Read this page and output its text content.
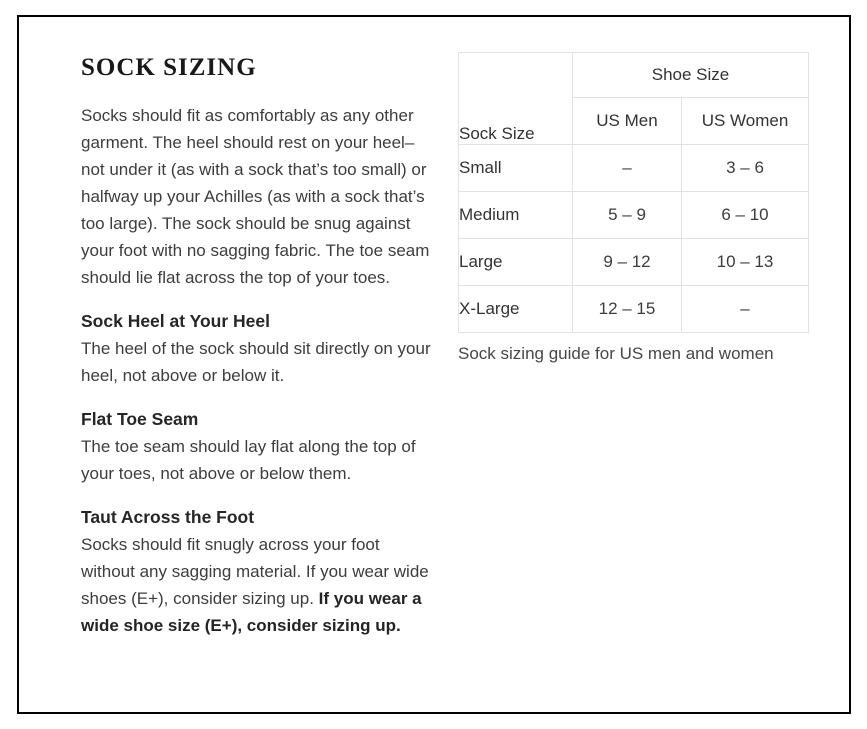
SOCK SIZING

Socks should fit as comfortably as any other garment. The heel should rest on your heel–not under it (as with a sock that’s too small) or halfway up your Achilles (as with a sock that’s too large). The sock should be snug against your foot with no sagging fabric. The toe seam should lie flat across the top of your toes.

Sock Heel at Your Heel

The heel of the sock should sit directly on your heel, not above or below it.

Flat Toe Seam

The toe seam should lay flat along the top of your toes, not above or below them.

Taut Across the Foot

Socks should fit snugly across your foot without any sagging material. If you wear wide shoes (E+), consider sizing up. If you wear a wide shoe size (E+), consider sizing up.

Sock Size	Shoe Size	
	US Men	US Women
Small	–	3 – 6
Medium	5 – 9	6 – 10
Large	9 – 12	10 – 13
X-Large	12 – 15	–
Sock sizing guide for US men and women
